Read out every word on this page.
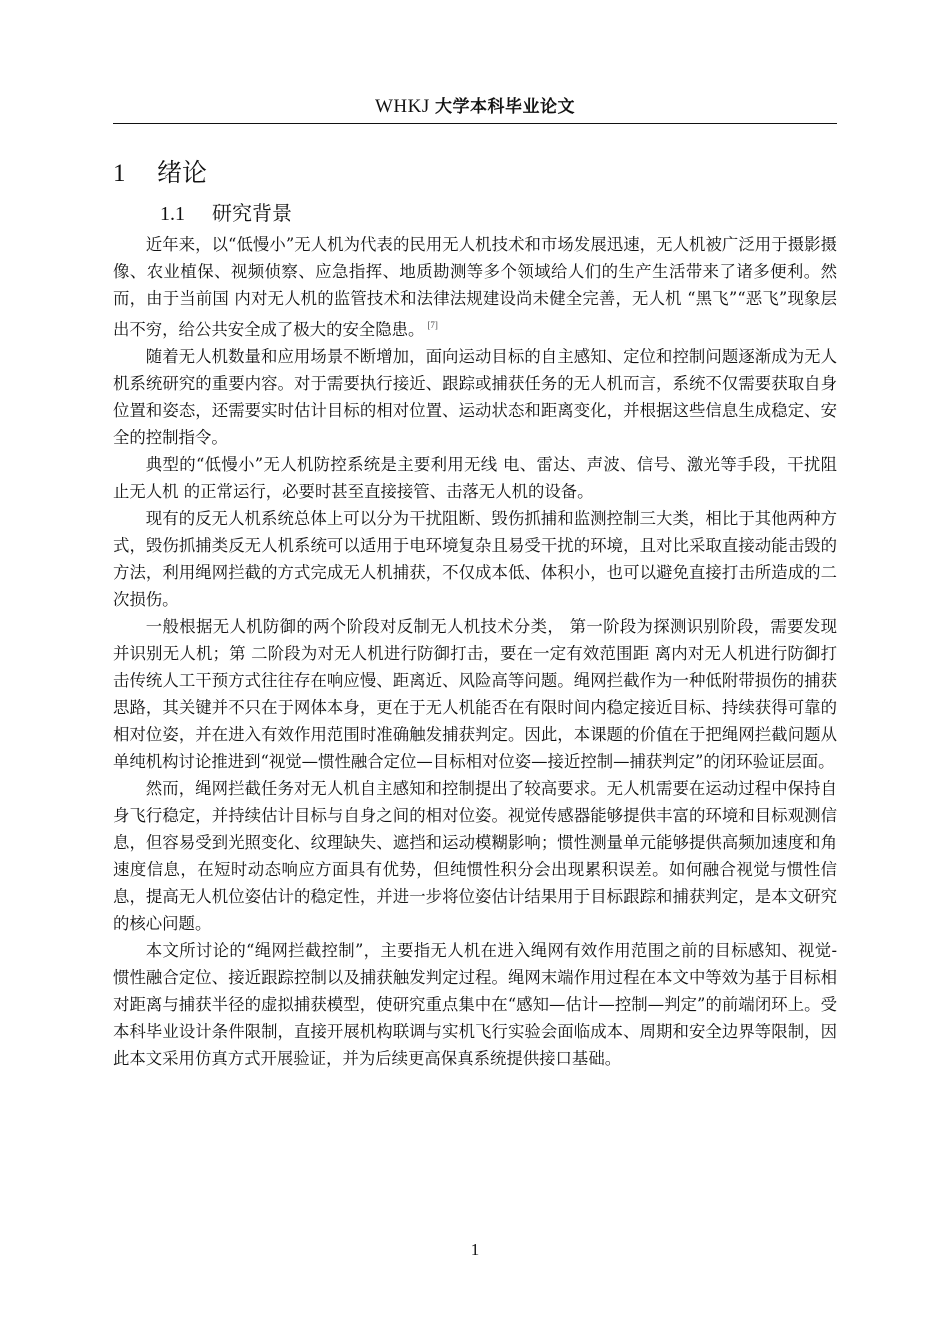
WHKJ 大学本科毕业论文
1 绪论
1.1 研究背景

近年来，以“低慢小”无人机为代表的民用无人机技术和市场发展迅速，无人机被广泛用于摄影摄像、农业植保、视频侦察、应急指挥、地质勘测等多个领域给人们的生产生活带来了诸多便利。然而，由于当前国 内对无人机的监管技术和法律法规建设尚未健全完善，无人机 “黑飞”“恶飞”现象层出不穷，给公共安全成了极大的安全隐患。 [7]

随着无人机数量和应用场景不断增加，面向运动目标的自主感知、定位和控制问题逐渐成为无人机系统研究的重要内容。对于需要执行接近、跟踪或捕获任务的无人机而言，系统不仅需要获取自身位置和姿态，还需要实时估计目标的相对位置、运动状态和距离变化，并根据这些信息生成稳定、安全的控制指令。

典型的“低慢小”无人机防控系统是主要利用无线 电、雷达、声波、信号、激光等手段，干扰阻止无人机 的正常运行，必要时甚至直接接管、击落无人机的设备。

现有的反无人机系统总体上可以分为干扰阻断、毁伤抓捕和监测控制三大类，相比于其他两种方式，毁伤抓捕类反无人机系统可以适用于电环境复杂且易受干扰的环境，且对比采取直接动能击毁的方法，利用绳网拦截的方式完成无人机捕获，不仅成本低、体积小，也可以避免直接打击所造成的二次损伤。

一般根据无人机防御的两个阶段对反制无人机技术分类， 第一阶段为探测识别阶段，需要发现并识别无人机；第 二阶段为对无人机进行防御打击，要在一定有效范围距 离内对无人机进行防御打击传统人工干预方式往往存在响应慢、距离近、风险高等问题。绳网拦截作为一种低附带损伤的捕获思路，其关键并不只在于网体本身，更在于无人机能否在有限时间内稳定接近目标、持续获得可靠的相对位姿，并在进入有效作用范围时准确触发捕获判定。因此，本课题的价值在于把绳网拦截问题从单纯机构讨论推进到“视觉—惯性融合定位—目标相对位姿—接近控制—捕获判定”的闭环验证层面。

然而，绳网拦截任务对无人机自主感知和控制提出了较高要求。无人机需要在运动过程中保持自身飞行稳定，并持续估计目标与自身之间的相对位姿。视觉传感器能够提供丰富的环境和目标观测信息，但容易受到光照变化、纹理缺失、遮挡和运动模糊影响；惯性测量单元能够提供高频加速度和角速度信息，在短时动态响应方面具有优势，但纯惯性积分会出现累积误差。如何融合视觉与惯性信息，提高无人机位姿估计的稳定性，并进一步将位姿估计结果用于目标跟踪和捕获判定，是本文研究的核心问题。

本文所讨论的“绳网拦截控制”，主要指无人机在进入绳网有效作用范围之前的目标感知、视觉-惯性融合定位、接近跟踪控制以及捕获触发判定过程。绳网末端作用过程在本文中等效为基于目标相对距离与捕获半径的虚拟捕获模型，使研究重点集中在“感知—估计—控制—判定”的前端闭环上。受本科毕业设计条件限制，直接开展机构联调与实机飞行实验会面临成本、周期和安全边界等限制，因此本文采用仿真方式开展验证，并为后续更高保真系统提供接口基础。

1
